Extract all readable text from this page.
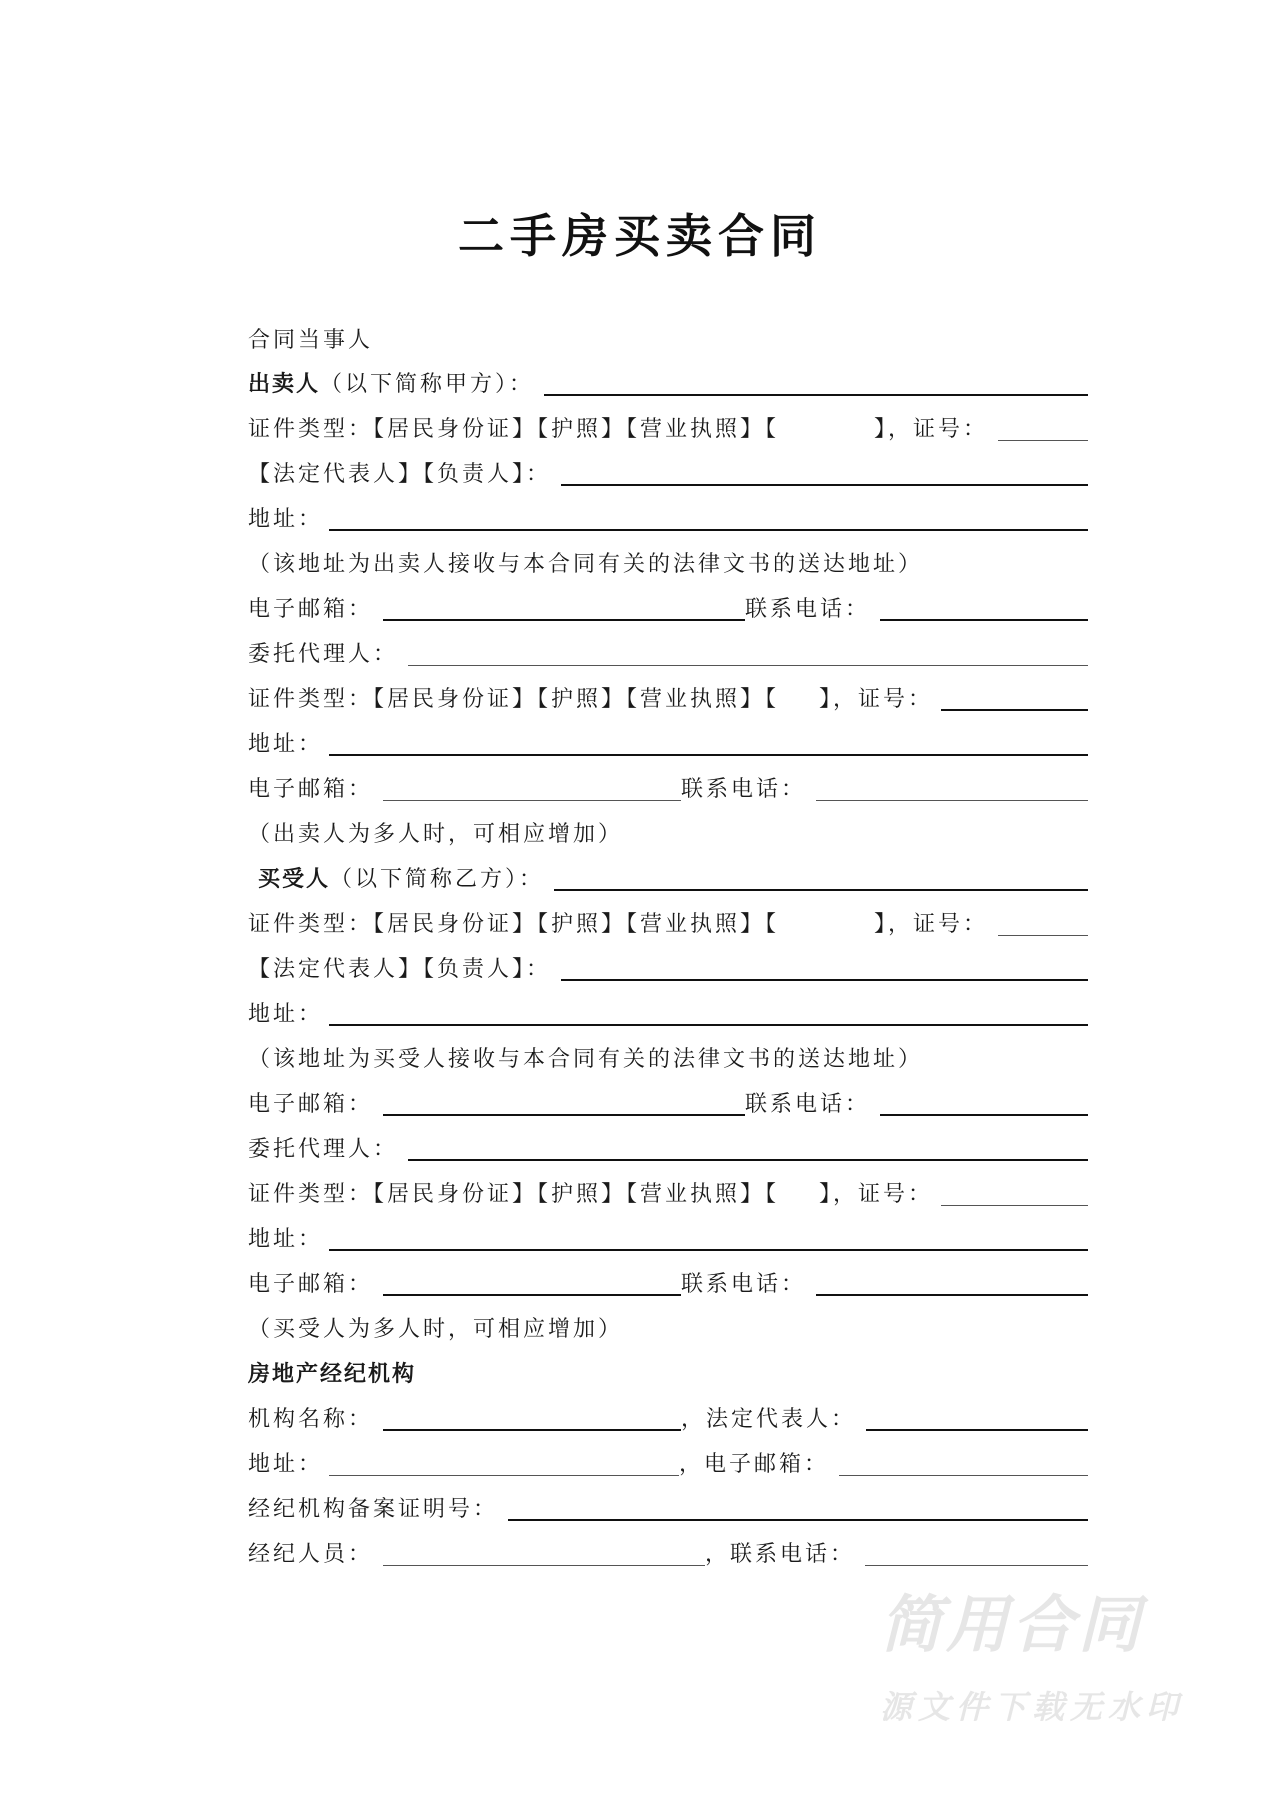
二手房买卖合同
合同当事人
出卖人 （以下简称甲方）：
证件类型：【居民身份证】【护照】【营业执照】【	】，证号：
【法定代表人】【负责人】：
地址：
（该地址为出卖人接收与本合同有关的法律文书的送达地址）
电子邮箱：	联系电话：
委托代理人：
证件类型：【居民身份证】【护照】【营业执照】【 】，证号：
地址：
电子邮箱：	联系电话：
（出卖人为多人时，可相应增加）
买受人 （以下简称乙方）：
证件类型：【居民身份证】【护照】【营业执照】【	】，证号：
【法定代表人】【负责人】：
地址：
（该地址为买受人接收与本合同有关的法律文书的送达地址）
电子邮箱：	联系电话：
委托代理人：
证件类型：【居民身份证】【护照】【营业执照】【 】，证号：
地址：
电子邮箱：	联系电话：
（买受人为多人时，可相应增加）
房地产经纪机构
机构名称：	，法定代表人：
地址：	，电子邮箱：
经纪机构备案证明号：
经纪人员：	，联系电话：
简用合同
源文件下载无水印
